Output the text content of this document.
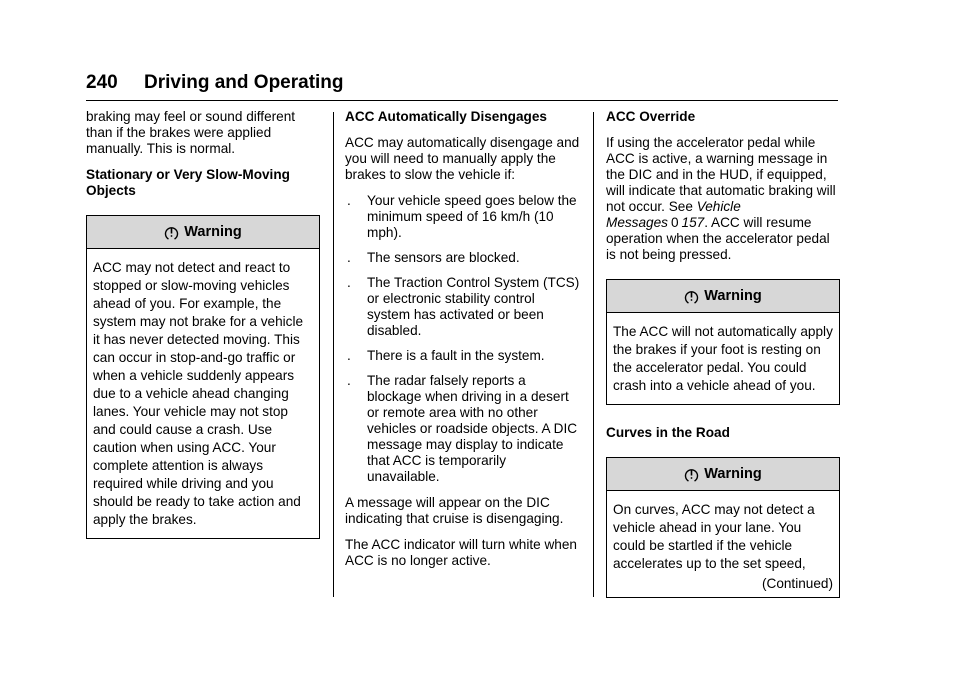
240 Driving and Operating

braking may feel or sound different than if the brakes were applied manually. This is normal.

Stationary or Very Slow-Moving Objects

Warning
ACC may not detect and react to stopped or slow-moving vehicles ahead of you. For example, the system may not brake for a vehicle it has never detected moving. This can occur in stop-and-go traffic or when a vehicle suddenly appears due to a vehicle ahead changing lanes. Your vehicle may not stop and could cause a crash. Use caution when using ACC. Your complete attention is always required while driving and you should be ready to take action and apply the brakes.

ACC Automatically Disengages

ACC may automatically disengage and you will need to manually apply the brakes to slow the vehicle if:

. Your vehicle speed goes below the minimum speed of 16 km/h (10 mph).
. The sensors are blocked.
. The Traction Control System (TCS) or electronic stability control system has activated or been disabled.
. There is a fault in the system.
. The radar falsely reports a blockage when driving in a desert or remote area with no other vehicles or roadside objects. A DIC message may display to indicate that ACC is temporarily unavailable.

A message will appear on the DIC indicating that cruise is disengaging.

The ACC indicator will turn white when ACC is no longer active.

ACC Override

If using the accelerator pedal while ACC is active, a warning message in the DIC and in the HUD, if equipped, will indicate that automatic braking will not occur. See Vehicle Messages 0 157. ACC will resume operation when the accelerator pedal is not being pressed.

Warning
The ACC will not automatically apply the brakes if your foot is resting on the accelerator pedal. You could crash into a vehicle ahead of you.

Curves in the Road

Warning
On curves, ACC may not detect a vehicle ahead in your lane. You could be startled if the vehicle accelerates up to the set speed,
(Continued)
